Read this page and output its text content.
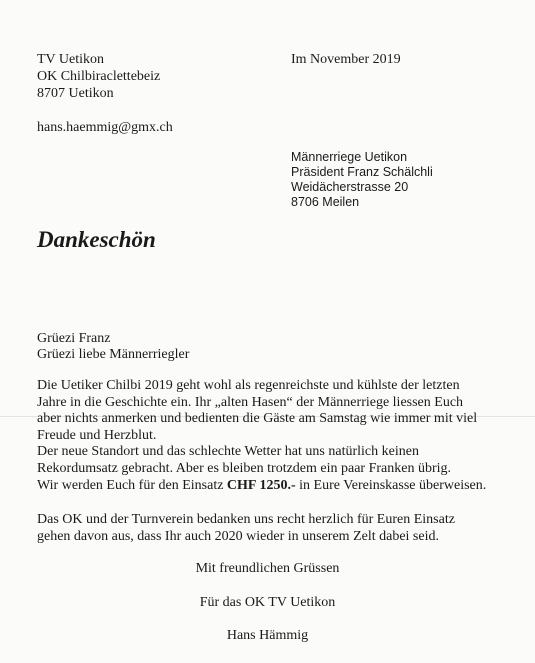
TV Uetikon
OK Chilbiraclettebeiz
8707 Uetikon
hans.haemmig@gmx.ch
Im November 2019
Männerriege Uetikon
Präsident Franz Schälchli
Weidächerstrasse 20
8706 Meilen
Dankeschön
Grüezi Franz
Grüezi liebe Männerriegler
Die Uetiker Chilbi 2019 geht wohl als regenreichste und kühlste der letzten
Jahre in die Geschichte ein. Ihr „alten Hasen“ der Männerriege liessen Euch
aber nichts anmerken und bedienten die Gäste am Samstag wie immer mit viel
Freude und Herzblut.
Der neue Standort und das schlechte Wetter hat uns natürlich keinen
Rekordumsatz gebracht. Aber es bleiben trotzdem ein paar Franken übrig.
Wir werden Euch für den Einsatz CHF 1250.- in Eure Vereinskasse überweisen.
Das OK und der Turnverein bedanken uns recht herzlich für Euren Einsatz
gehen davon aus, dass Ihr auch 2020 wieder in unserem Zelt dabei seid.
Mit freundlichen Grüssen
Für das OK TV Uetikon
Hans Hämmig
